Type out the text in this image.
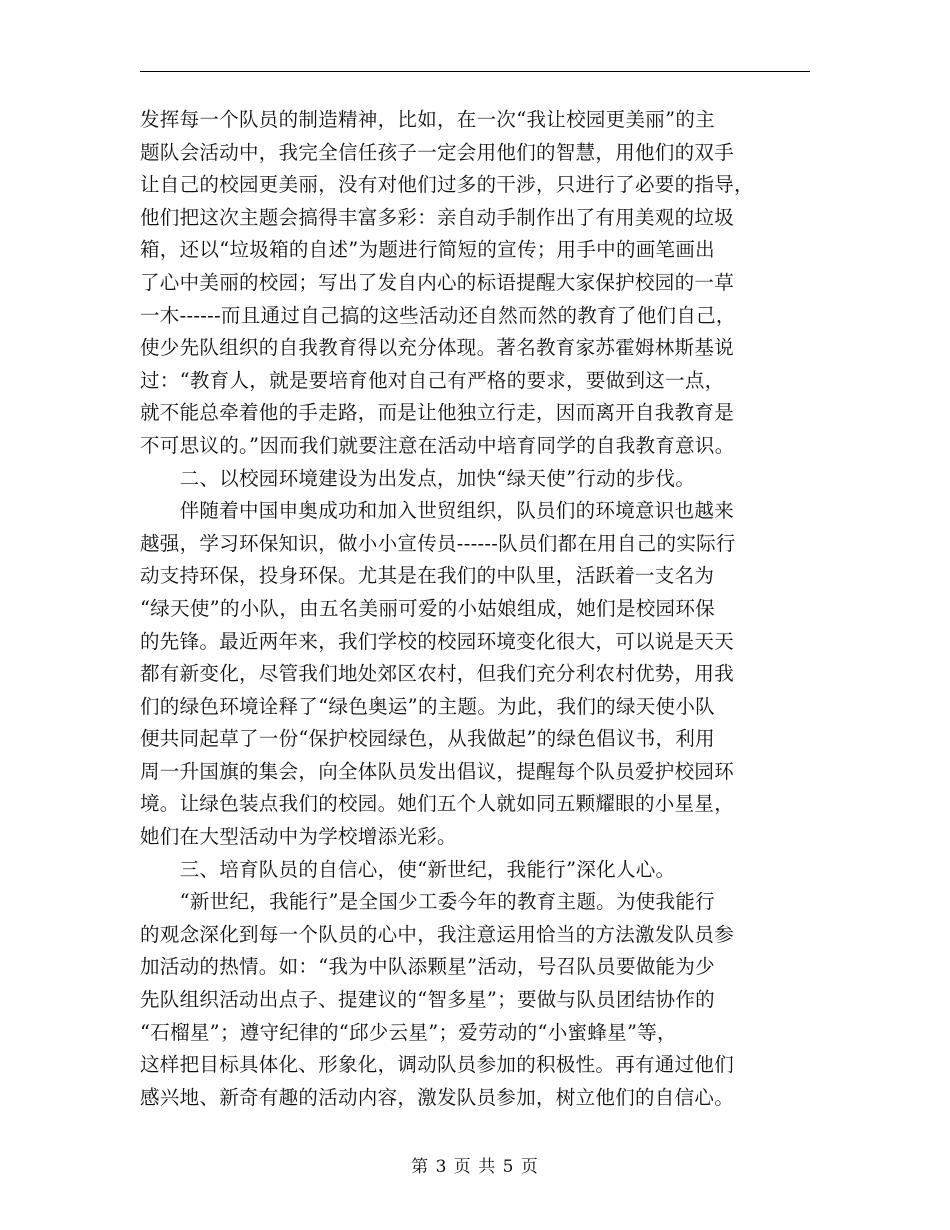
发挥每一个队员的制造精神，比如，在一次“我让校园更美丽”的主
题队会活动中，我完全信任孩子一定会用他们的智慧，用他们的双手
让自己的校园更美丽，没有对他们过多的干涉，只进行了必要的指导，
他们把这次主题会搞得丰富多彩：亲自动手制作出了有用美观的垃圾
箱，还以“垃圾箱的自述”为题进行简短的宣传；用手中的画笔画出
了心中美丽的校园；写出了发自内心的标语提醒大家保护校园的一草
一木------而且通过自己搞的这些活动还自然而然的教育了他们自己，
使少先队组织的自我教育得以充分体现。著名教育家苏霍姆林斯基说
过：“教育人，就是要培育他对自己有严格的要求，要做到这一点，
就不能总牵着他的手走路，而是让他独立行走，因而离开自我教育是
不可思议的。”因而我们就要注意在活动中培育同学的自我教育意识。
　　二、以校园环境建设为出发点，加快“绿天使”行动的步伐。
　　伴随着中国申奥成功和加入世贸组织，队员们的环境意识也越来
越强，学习环保知识，做小小宣传员------队员们都在用自己的实际行
动支持环保，投身环保。尤其是在我们的中队里，活跃着一支名为
“绿天使”的小队，由五名美丽可爱的小姑娘组成，她们是校园环保
的先锋。最近两年来，我们学校的校园环境变化很大，可以说是天天
都有新变化，尽管我们地处郊区农村，但我们充分利农村优势，用我
们的绿色环境诠释了“绿色奥运”的主题。为此，我们的绿天使小队
便共同起草了一份“保护校园绿色，从我做起”的绿色倡议书，利用
周一升国旗的集会，向全体队员发出倡议，提醒每个队员爱护校园环
境。让绿色装点我们的校园。她们五个人就如同五颗耀眼的小星星，
她们在大型活动中为学校增添光彩。
　　三、培育队员的自信心，使“新世纪，我能行”深化人心。
　　“新世纪，我能行”是全国少工委今年的教育主题。为使我能行
的观念深化到每一个队员的心中，我注意运用恰当的方法激发队员参
加活动的热情。如：“我为中队添颗星”活动，号召队员要做能为少
先队组织活动出点子、提建议的“智多星”；要做与队员团结协作的
“石榴星”；遵守纪律的“邱少云星”；爱劳动的“小蜜蜂星”等，
这样把目标具体化、形象化，调动队员参加的积极性。再有通过他们
感兴地、新奇有趣的活动内容，激发队员参加，树立他们的自信心。
第 3 页 共 5 页
